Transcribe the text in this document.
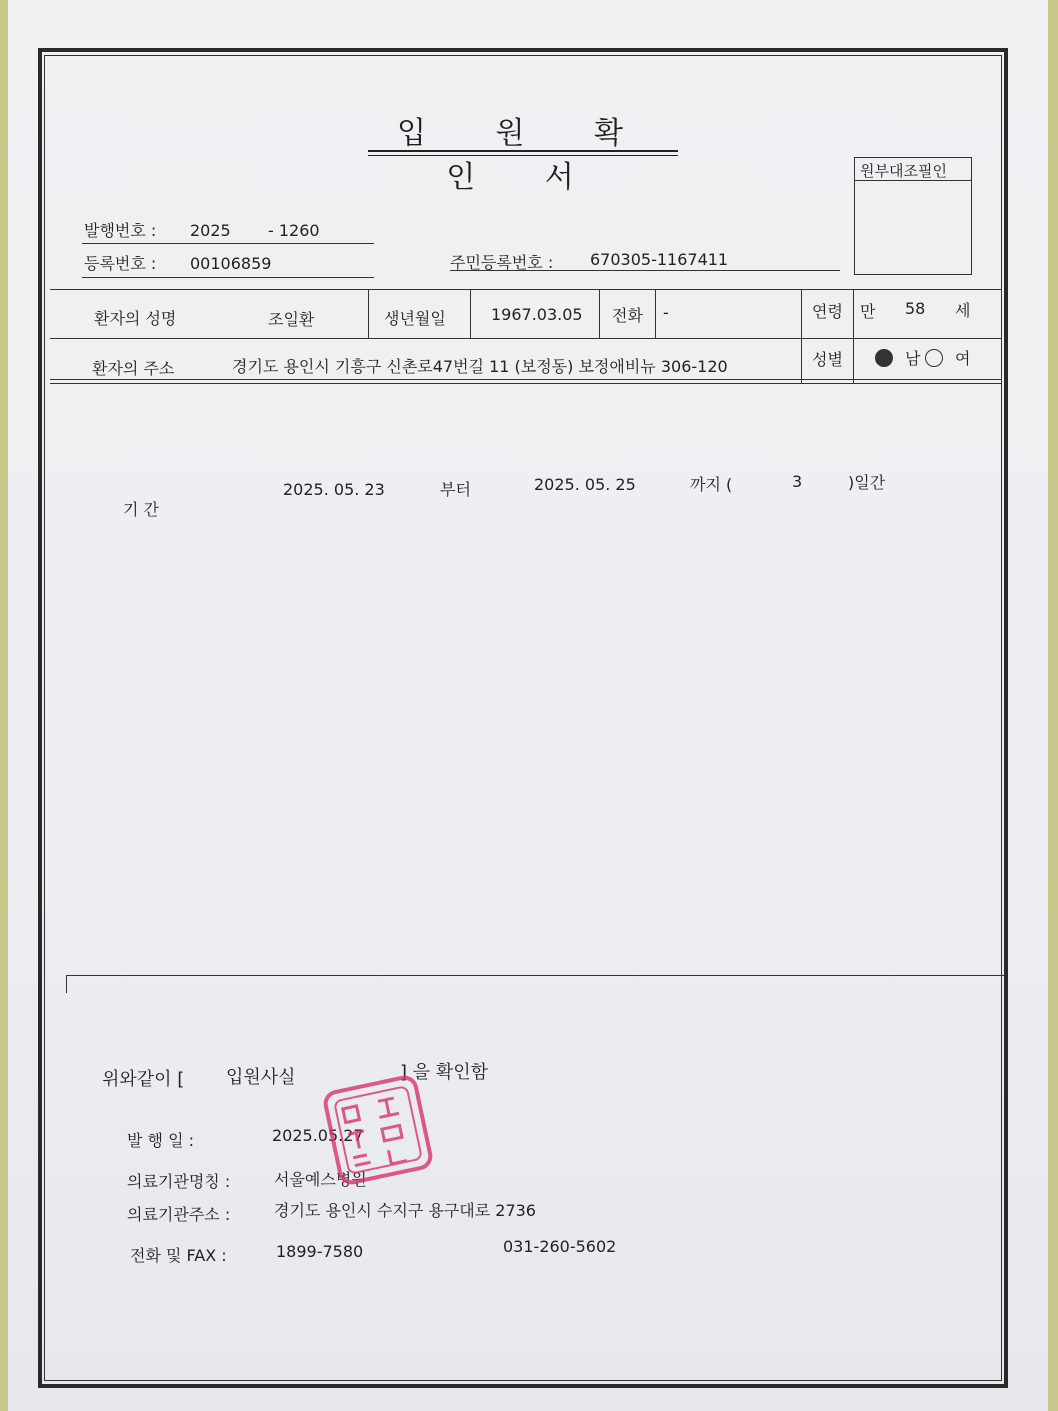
입 원 확 인 서	원부대조필인
발행번호 : 2025 - 1260
등록번호 : 00106859	주민등록번호 : 670305-1167411
환자의 성명	조일환	생년월일	1967.03.05 전화 -	연령 만 58 세
환자의 주소	경기도 용인시 기흥구 신촌로47번길 11 (보정동) 보정애비뉴 306-120	성별	남 여
기 간
2025. 05. 23	부터	2025. 05. 25	까지 (	3	)일간
위와같이 [ 입원사실	] 을 확인함
발 행 일 :	2025.05.27
의료기관명칭 :	서울예스병원
의료기관주소 :	경기도 용인시 수지구 용구대로 2736
전화 및 FAX :	1899-7580	031-260-5602
